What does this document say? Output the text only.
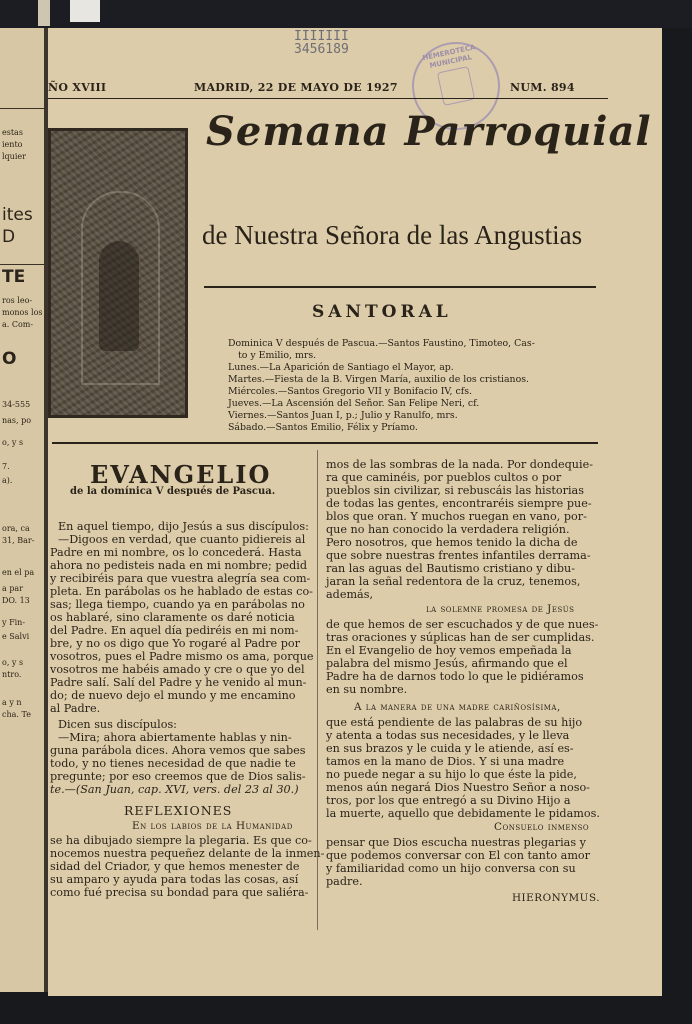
estas
iento
lquier
ites
D
TE
ros leo-
monos los
a. Com-
O
34-555
nas, po
o, y s
7.
a).
ora, ca
31, Bar-
en el pa
a par
DO. 13
y Fin-
e Salvi
o, y s
ntro.
a y n
cha. Te
IIIIIII
3456189	HEMEROTECA MUNICIPAL
ÑO XVIII	MADRID, 22 DE MAYO DE 1927	NUM. 894
Semana Parroquial
de Nuestra Señora de las Angustias
SANTORAL
Dominica V después de Pascua.—Santos Faustino, Timoteo, Cas-
to y Emilio, mrs.
Lunes.—La Aparición de Santiago el Mayor, ap.
Martes.—Fiesta de la B. Virgen María, auxilio de los cristianos.
Miércoles.—Santos Gregorio VII y Bonifacio IV, cfs.
Jueves.—La Ascensión del Señor. San Felipe Neri, cf.
Viernes.—Santos Juan I, p.; Julio y Ranulfo, mrs.
Sábado.—Santos Emilio, Félix y Príamo.
EVANGELIO
de la domínica V después de Pascua.
En aquel tiempo, dijo Jesús a sus discípulos:
—Digoos en verdad, que cuanto pidiereis al
Padre en mi nombre, os lo concederá. Hasta
ahora no pedisteis nada en mi nombre; pedid
y recibiréis para que vuestra alegría sea com-
pleta. En parábolas os he hablado de estas co-
sas; llega tiempo, cuando ya en parábolas no
os hablaré, sino claramente os daré noticia
del Padre. En aquel día pediréis en mi nom-
bre, y no os digo que Yo rogaré al Padre por
vosotros, pues el Padre mismo os ama, porque
vosotros me habéis amado y cre o que yo del
Padre salí. Salí del Padre y he venido al mun-
do; de nuevo dejo el mundo y me encamino
al Padre.
Dicen sus discípulos:
—Mira; ahora abiertamente hablas y nin-
guna parábola dices. Ahora vemos que sabes
todo, y no tienes necesidad de que nadie te
pregunte; por eso creemos que de Dios salis-
te.—(San Juan, cap. XVI, vers. del 23 al 30.)
REFLEXIONES
En los labios de la Humanidad
se ha dibujado siempre la plegaria. Es que co-
nocemos nuestra pequeñez delante de la inmen-
sidad del Criador, y que hemos menester de
su amparo y ayuda para todas las cosas, así
como fué precisa su bondad para que saliéra-
mos de las sombras de la nada. Por dondequie-
ra que caminéis, por pueblos cultos o por
pueblos sin civilizar, si rebuscáis las historias
de todas las gentes, encontraréis siempre pue-
blos que oran. Y muchos ruegan en vano, por-
que no han conocido la verdadera religión.
Pero nosotros, que hemos tenido la dicha de
que sobre nuestras frentes infantiles derrama-
ran las aguas del Bautismo cristiano y dibu-
jaran la señal redentora de la cruz, tenemos,
además,
la solemne promesa de Jesús
de que hemos de ser escuchados y de que nues-
tras oraciones y súplicas han de ser cumplidas.
En el Evangelio de hoy vemos empeñada la
palabra del mismo Jesús, afirmando que el
Padre ha de darnos todo lo que le pidiéramos
en su nombre.
A la manera de una madre cariñosísima,
que está pendiente de las palabras de su hijo
y atenta a todas sus necesidades, y le lleva
en sus brazos y le cuida y le atiende, así es-
tamos en la mano de Dios. Y si una madre
no puede negar a su hijo lo que éste la pide,
menos aún negará Dios Nuestro Señor a noso-
tros, por los que entregó a su Divino Hijo a
la muerte, aquello que debidamente le pidamos.
Consuelo inmenso
pensar que Dios escucha nuestras plegarias y
que podemos conversar con El con tanto amor
y familiaridad como un hijo conversa con su
padre.
HIERONYMUS.
